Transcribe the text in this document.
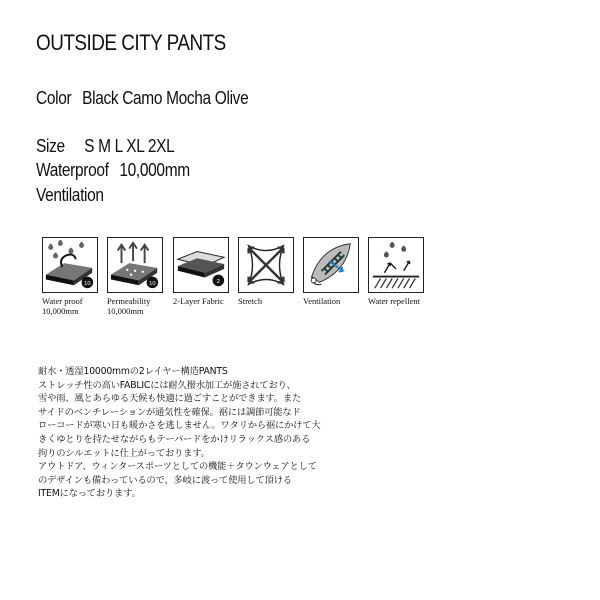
OUTSIDE CITY PANTS
Color Black Camo Mocha Olive
Size S M L XL 2XL
Waterproof 10,000mm
Ventilation
10
Water proof
10,000mm
10
Permeability
10,000mm
2
2-Layer Fabric	Stretch	Ventilation	Water repellent
耐水・透湿10000mmの2レイヤー構造PANTS
ストレッチ性の高いFABLICには耐久撥水加工が施されており、
雪や雨、風とあらゆる天候も快適に過ごすことができます。また
サイドのベンチレーションが通気性を確保。裾には調節可能なド
ローコードが寒い日も暖かさを逃しません。ワタリから裾にかけて大
きくゆとりを持たせながらもテーパードをかけリラックス感のある
拘りのシルエットに仕上がっております。
アウトドア、ウィンタースポーツとしての機能＋タウンウェアとして
のデザインも備わっているので、多岐に渡って使用して頂ける
ITEMになっております。
